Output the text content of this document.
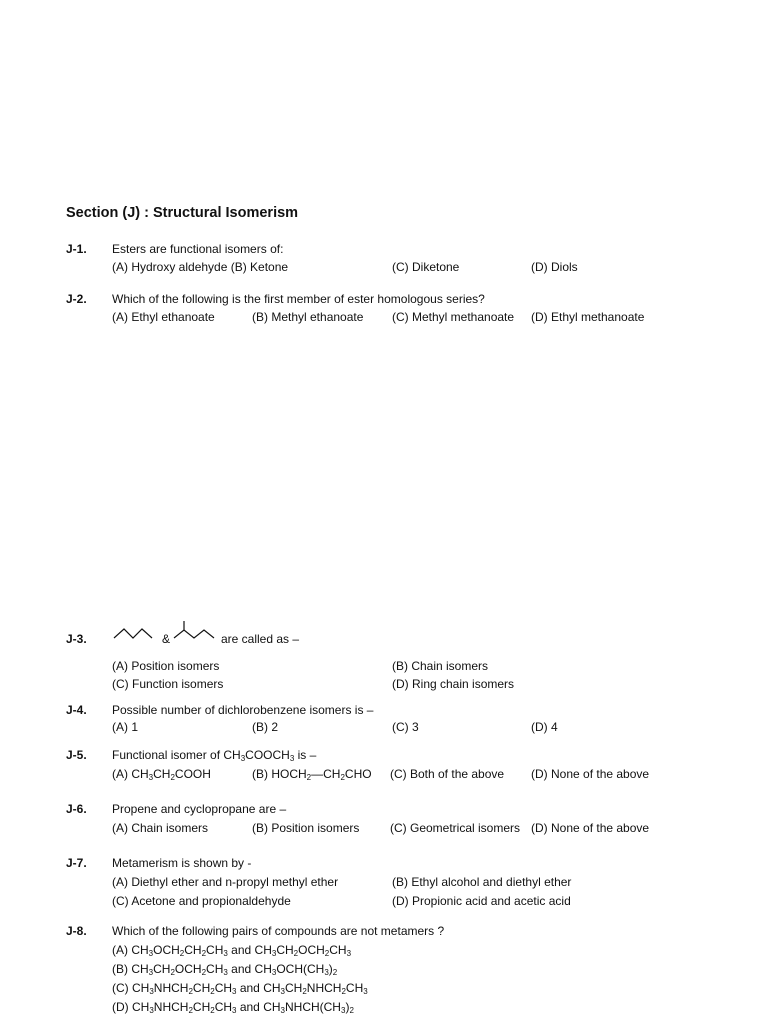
Section (J) : Structural Isomerism
J-1. Esters are functional isomers of:
(A) Hydroxy aldehyde (B) Ketone	(C) Diketone	(D) Diols
J-2. Which of the following is the first member of ester homologous series?
(A) Ethyl ethanoate	(B) Methyl ethanoate (C) Methyl methanoate (D) Ethyl methanoate
J-3.	&	are called as –
(A) Position isomers	(B) Chain isomers
(C) Function isomers	(D) Ring chain isomers
J-4. Possible number of dichlorobenzene isomers is –
(A) 1	(B) 2	(C) 3	(D) 4
J-5. Functional isomer of $CH_3COOCH_3$ is –
(A) $CH_3CH_2COOH$	(B) $HOCH_2—CH_2CHO$ (C) Both of the above (D) None of the above
J-6. Propene and cyclopropane are –
(A) Chain isomers	(B) Position isomers	(C) Geometrical isomers (D) None of the above
J-7. Metamerism is shown by -
(A) Diethyl ether and n-propyl methyl ether	(B) Ethyl alcohol and diethyl ether
(C) Acetone and propionaldehyde	(D) Propionic acid and acetic acid
J-8. Which of the following pairs of compounds are not metamers ?
(A) $CH_3OCH_2CH_2CH_3$ and $CH_3CH_2OCH_2CH_3$
(B) $CH_3CH_2OCH_2CH_3$ and $CH_3OCH(CH_3)_2$
(C) $CH_3NHCH_2CH_2CH_3$ and $CH_3CH_2NHCH_2CH_3$
(D) $CH_3NHCH_2CH_2CH_3$ and $CH_3NHCH(CH_3)_2$
